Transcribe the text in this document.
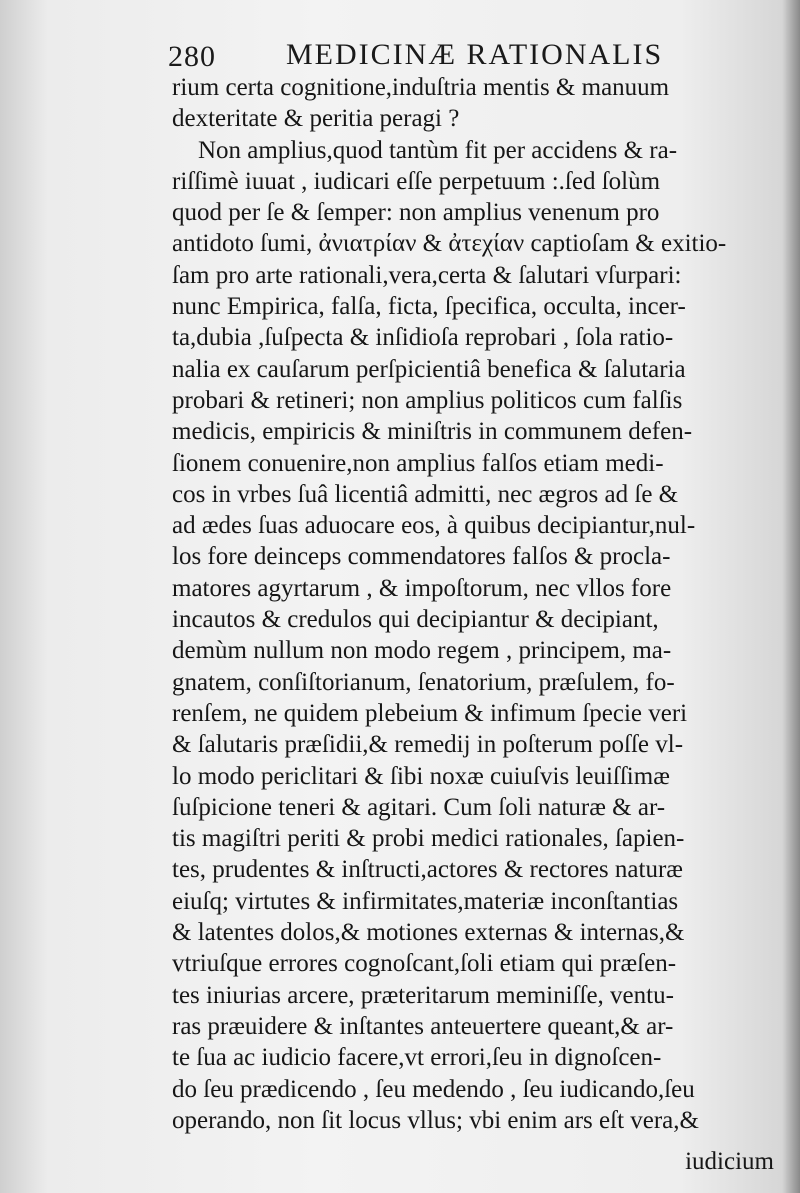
280 MEDICINÆ RATIONALIS
rium certa cognitione,induſtria mentis & manuum
dexteritate & peritia peragi ?
Non amplius,quod tantùm fit per accidens & ra-
riſſimè iuuat , iudicari eſſe perpetuum :.ſed ſolùm
quod per ſe & ſemper: non amplius venenum pro
antidoto ſumi, ἀνιατρίαν & ἀτεχίαν captioſam & exitio-
ſam pro arte rationali,vera,certa & ſalutari vſurpari:
nunc Empirica, falſa, ficta, ſpecifica, occulta, incer-
ta,dubia ,ſuſpecta & inſidioſa reprobari , ſola ratio-
nalia ex cauſarum perſpicientiâ benefica & ſalutaria
probari & retineri; non amplius politicos cum falſis
medicis, empiricis & miniſtris in communem defen-
ſionem conuenire,non amplius falſos etiam medi-
cos in vrbes ſuâ licentiâ admitti, nec ægros ad ſe &
ad ædes ſuas aduocare eos, à quibus decipiantur,nul-
los fore deinceps commendatores falſos & procla-
matores agyrtarum , & impoſtorum, nec vllos fore
incautos & credulos qui decipiantur & decipiant,
demùm nullum non modo regem , principem, ma-
gnatem, conſiſtorianum, ſenatorium, præſulem, fo-
renſem, ne quidem plebeium & infimum ſpecie veri
& ſalutaris præſidii,& remedij in poſterum poſſe vl-
lo modo periclitari & ſibi noxæ cuiuſvis leuiſſimæ
ſuſpicione teneri & agitari. Cum ſoli naturæ & ar-
tis magiſtri periti & probi medici rationales, ſapien-
tes, prudentes & inſtructi,actores & rectores naturæ
eiuſq; virtutes & infirmitates,materiæ inconſtantias
& latentes dolos,& motiones externas & internas,&
vtriuſque errores cognoſcant,ſoli etiam qui præſen-
tes iniurias arcere, præteritarum meminiſſe, ventu-
ras præuidere & inſtantes anteuertere queant,& ar-
te ſua ac iudicio facere,vt errori,ſeu in dignoſcen-
do ſeu prædicendo , ſeu medendo , ſeu iudicando,ſeu
operando, non ſit locus vllus; vbi enim ars eſt vera,&
iudicium
